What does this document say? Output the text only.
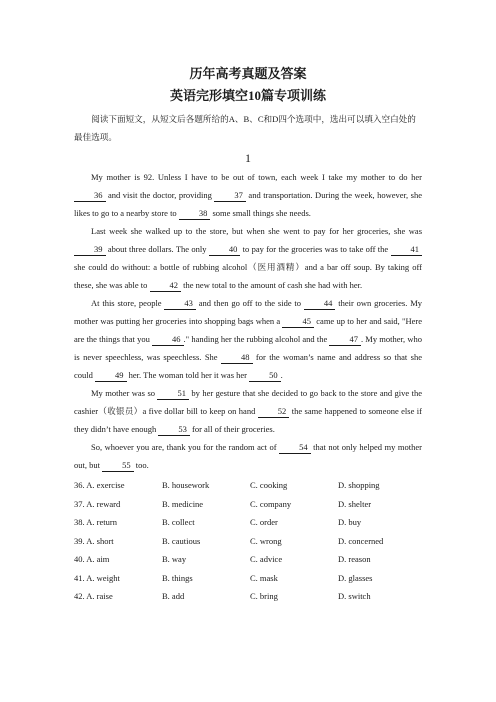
历年高考真题及答案
英语完形填空10篇专项训练
阅读下面短文，从短文后各题所给的A、B、C和D四个选项中，选出可以填入空白处的最佳选项。
1

My mother is 92. Unless I have to be out of town, each week I take my mother to do her 36 and visit the doctor, providing 37 and transportation. During the week, however, she likes to go to a nearby store to 38 some small things she needs.

Last week she walked up to the store, but when she went to pay for her groceries, she was 39 about three dollars. The only 40 to pay for the groceries was to take off the 41 she could do without: a bottle of rubbing alcohol（医用酒精）and a bar off soup. By taking off these, she was able to 42 the new total to the amount of cash she had with her.

At this store, people 43 and then go off to the side to 44 their own groceries. My mother was putting her groceries into shopping bags when a 45 came up to her and said, "Here are the things that you 46 ." handing her the rubbing alcohol and the 47 . My mother, who is never speechless, was speechless. She 48 for the woman’s name and address so that she could 49 her. The woman told her it was her 50 .

My mother was so 51 by her gesture that she decided to go back to the store and give the cashier（收银员）a five dollar bill to keep on hand 52 the same happened to someone else if they didn’t have enough 53 for all of their groceries.

So, whoever you are, thank you for the random act of 54 that not only helped my mother out, but 55 too.

36. A. exercise	B. housework	C. cooking	D. shopping
37. A. reward	B. medicine	C. company	D. shelter
38. A. return	B. collect	C. order	D. buy
39. A. short	B. cautious	C. wrong	D. concerned
40. A. aim	B. way	C. advice	D. reason
41. A. weight	B. things	C. mask	D. glasses
42. A. raise	B. add	C. bring	D. switch
